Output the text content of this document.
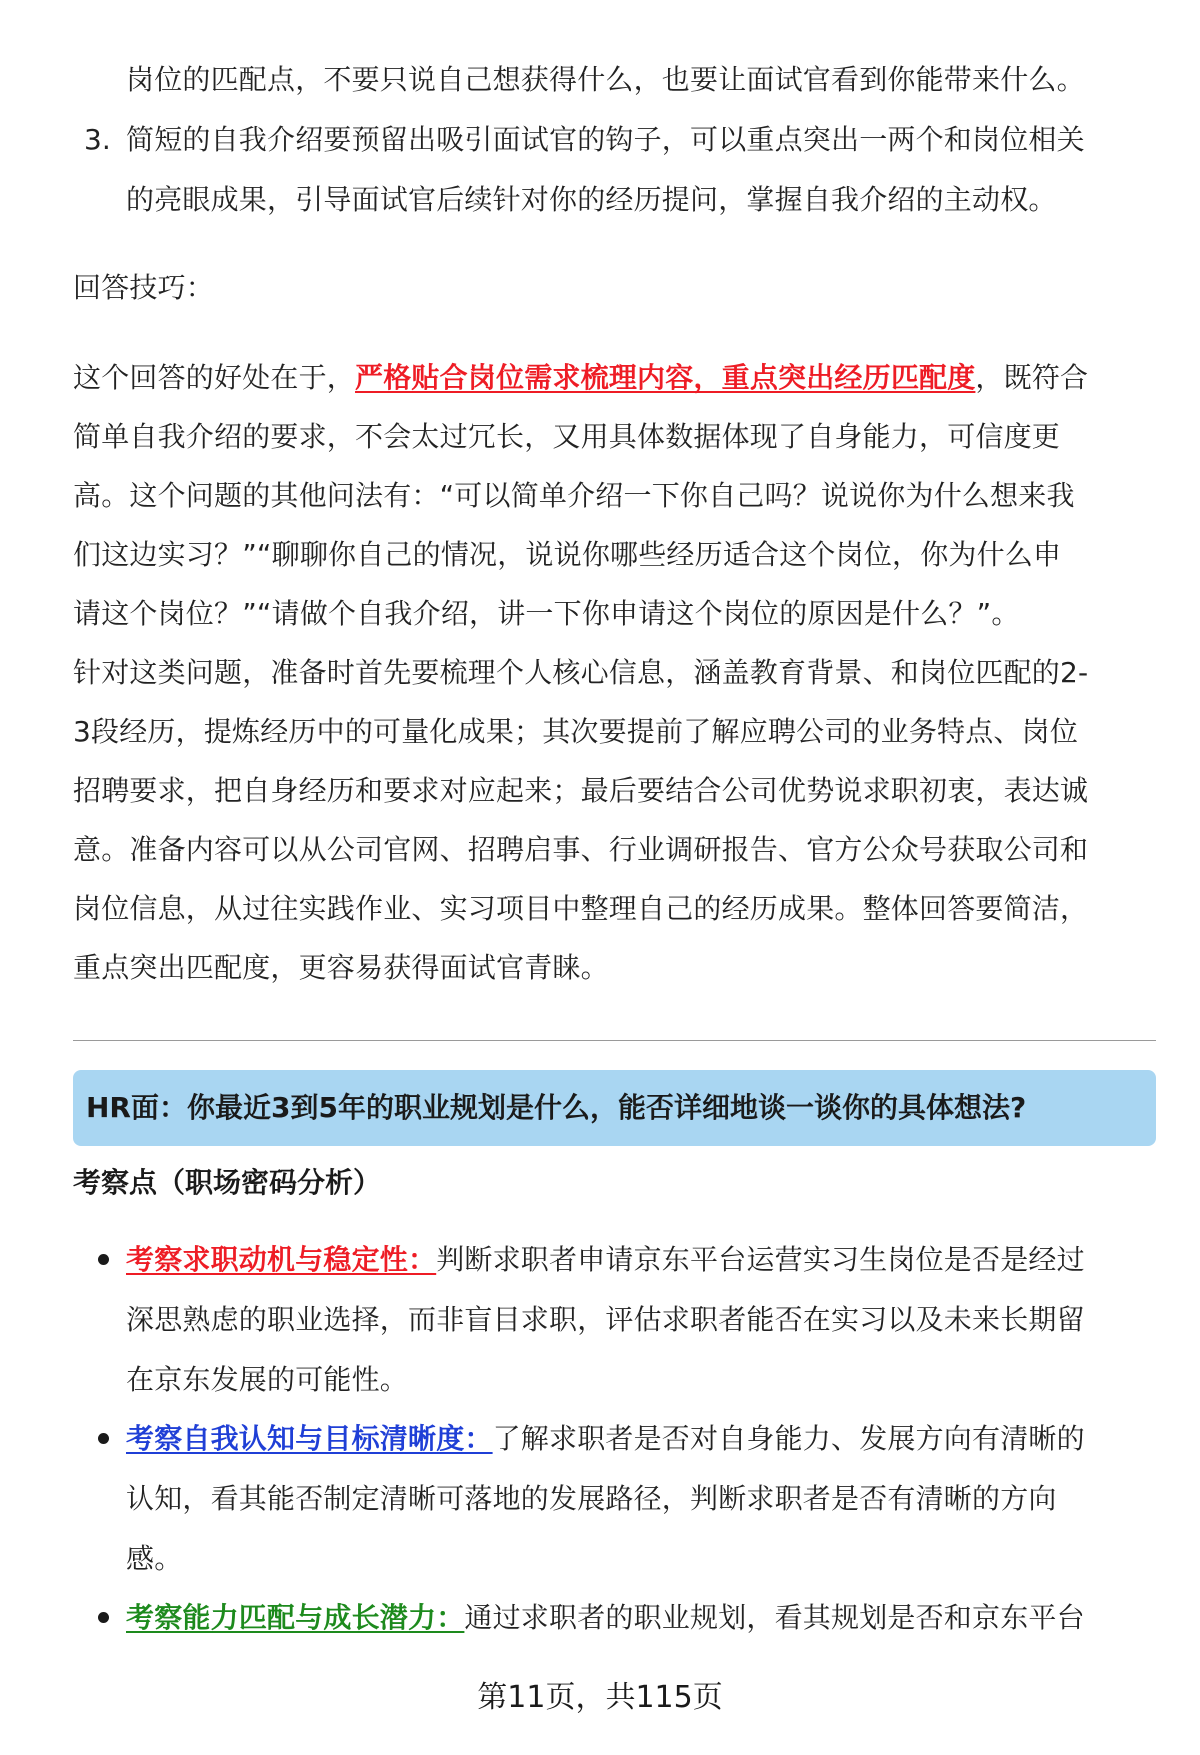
岗位的匹配点，不要只说自己想获得什么，也要让面试官看到你能带来什么。
3. 简短的自我介绍要预留出吸引面试官的钩子，可以重点突出一两个和岗位相关
的亮眼成果，引导面试官后续针对你的经历提问，掌握自我介绍的主动权。
回答技巧：
这个回答的好处在于，严格贴合岗位需求梳理内容，重点突出经历匹配度，既符合
简单自我介绍的要求，不会太过冗长，又用具体数据体现了自身能力，可信度更
高。这个问题的其他问法有：“可以简单介绍一下你自己吗？说说你为什么想来我
们这边实习？”“聊聊你自己的情况，说说你哪些经历适合这个岗位，你为什么申
请这个岗位？”“请做个自我介绍，讲一下你申请这个岗位的原因是什么？”。
针对这类问题，准备时首先要梳理个人核心信息，涵盖教育背景、和岗位匹配的2-
3段经历，提炼经历中的可量化成果；其次要提前了解应聘公司的业务特点、岗位
招聘要求，把自身经历和要求对应起来；最后要结合公司优势说求职初衷，表达诚
意。准备内容可以从公司官网、招聘启事、行业调研报告、官方公众号获取公司和
岗位信息，从过往实践作业、实习项目中整理自己的经历成果。整体回答要简洁，
重点突出匹配度，更容易获得面试官青睐。
HR面：你最近3到5年的职业规划是什么，能否详细地谈一谈你的具体想法?
考察点（职场密码分析）
考察求职动机与稳定性：判断求职者申请京东平台运营实习生岗位是否是经过
深思熟虑的职业选择，而非盲目求职，评估求职者能否在实习以及未来长期留
在京东发展的可能性。
考察自我认知与目标清晰度：了解求职者是否对自身能力、发展方向有清晰的
认知，看其能否制定清晰可落地的发展路径，判断求职者是否有清晰的方向
感。
考察能力匹配与成长潜力：通过求职者的职业规划，看其规划是否和京东平台
第11页，共115页
